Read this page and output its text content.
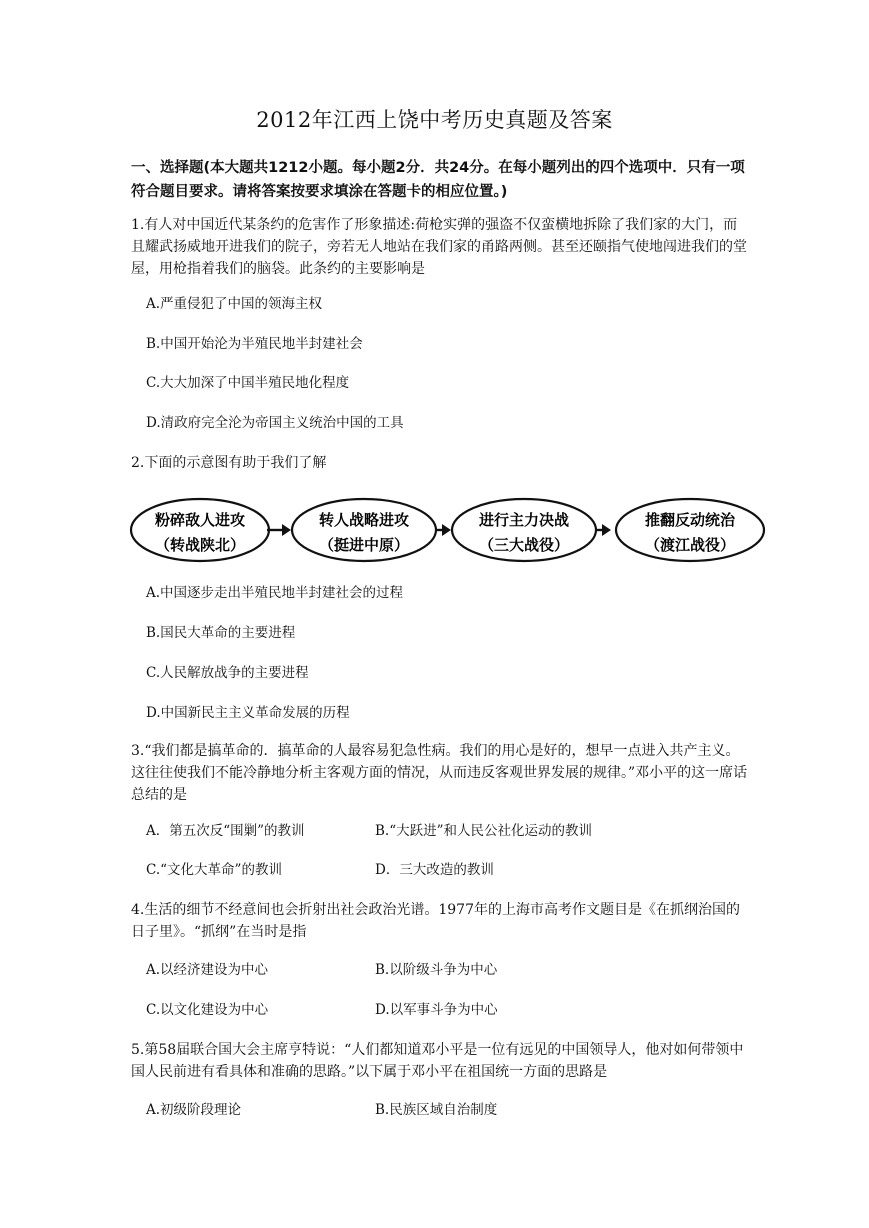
2012年江西上饶中考历史真题及答案
一、选择题(本大题共1212小题。每小题2分．共24分。在每小题列出的四个选项中．只有一项符合题目要求。请将答案按要求填涂在答题卡的相应位置。)
1.有人对中国近代某条约的危害作了形象描述:荷枪实弹的强盗不仅蛮横地拆除了我们家的大门，而且耀武扬威地开进我们的院子，旁若无人地站在我们家的甬路两侧。甚至还颐指气使地闯进我们的堂屋，用枪指着我们的脑袋。此条约的主要影响是
A.严重侵犯了中国的领海主权
B.中国开始沦为半殖民地半封建社会
C.大大加深了中国半殖民地化程度
D.清政府完全沦为帝国主义统治中国的工具
2.下面的示意图有助于我们了解
粉碎敌人进攻
（转战陕北）
转人战略进攻
（挺进中原）
进行主力决战
（三大战役）
推翻反动统治
（渡江战役）
A.中国逐步走出半殖民地半封建社会的过程
B.国民大革命的主要进程
C.人民解放战争的主要进程
D.中国新民主主义革命发展的历程
3.“我们都是搞革命的．搞革命的人最容易犯急性病。我们的用心是好的，想早一点进入共产主义。这往往使我们不能冷静地分析主客观方面的情况，从而违反客观世界发展的规律。”邓小平的这一席话总结的是
A．第五次反“围剿”的教训	B.“大跃进”和人民公社化运动的教训
C.“文化大革命”的教训	D．三大改造的教训
4.生活的细节不经意间也会折射出社会政治光谱。1977年的上海市高考作文题目是《在抓纲治国的日子里》。“抓纲”在当时是指
A.以经济建设为中心	B.以阶级斗争为中心
C.以文化建设为中心	D.以军事斗争为中心
5.第58届联合国大会主席亨特说：“人们都知道邓小平是一位有远见的中国领导人，他对如何带领中国人民前进有看具体和准确的思路。”以下属于邓小平在祖国统一方面的思路是
A.初级阶段理论	B.民族区域自治制度
